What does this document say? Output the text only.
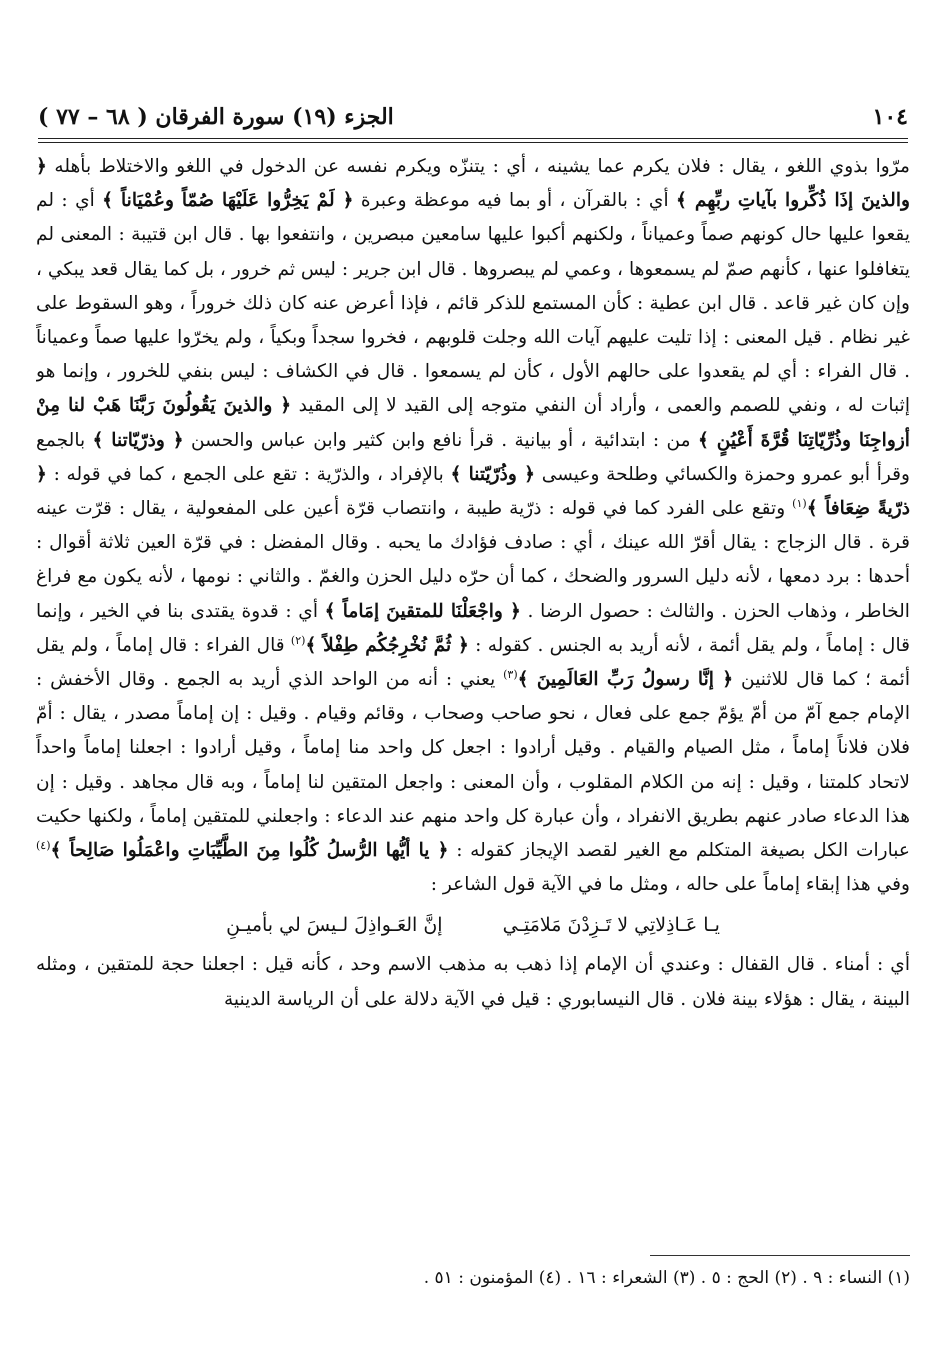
١٠٤
الجزء (١٩) سورة الفرقان ( ٦٨ – ٧٧ )

مرّوا بذوي اللغو ، يقال : فلان يكرم عما يشينه ، أي : يتنزّه ويكرم نفسه عن الدخول في اللغو والاختلاط بأهله ﴿ والذينَ إذَا ذُكِّروا بآياتِ ربِّهِم ﴾ أي : بالقرآن ، أو بما فيه موعظة وعبرة ﴿ لَمْ يَخِرُّوا عَلَيْهَا صُمّاً وعُمْيَاناً ﴾ أي : لم يقعوا عليها حال كونهم صماً وعمياناً ، ولكنهم أكبوا عليها سامعين مبصرين ، وانتفعوا بها . قال ابن قتيبة : المعنى لم يتغافلوا عنها ، كأنهم صمّ لم يسمعوها ، وعمي لم يبصروها . قال ابن جرير : ليس ثم خرور ، بل كما يقال قعد يبكي ، وإن كان غير قاعد . قال ابن عطية : كأن المستمع للذكر قائم ، فإذا أعرض عنه كان ذلك خروراً ، وهو السقوط على غير نظام . قيل المعنى : إذا تليت عليهم آيات الله وجلت قلوبهم ، فخروا سجداً وبكياً ، ولم يخرّوا عليها صماً وعمياناً . قال الفراء : أي لم يقعدوا على حالهم الأول ، كأن لم يسمعوا . قال في الكشاف : ليس بنفي للخرور ، وإنما هو إثبات له ، ونفي للصمم والعمى ، وأراد أن النفي متوجه إلى القيد لا إلى المقيد ﴿ والذينَ يَقُولُونَ رَبَّنَا هَبْ لنا مِنْ أزواجِنَا وذُرِّيّاتِنَا قُرَّةَ أَعْيُنٍ ﴾ من : ابتدائية ، أو بيانية . قرأ نافع وابن كثير وابن عباس والحسن ﴿ وذرّيّاتنا ﴾ بالجمع وقرأ أبو عمرو وحمزة والكسائي وطلحة وعيسى ﴿ وذُرّيّتنا ﴾ بالإفراد ، والذرّية : تقع على الجمع ، كما في قوله : ﴿ ذرّيةً ضِعَافاً ﴾$^{(١)}$ وتقع على الفرد كما في قوله : ذرّية طيبة ، وانتصاب قرّة أعين على المفعولية ، يقال : قرّت عينه قرة . قال الزجاج : يقال أقرّ الله عينك ، أي : صادف فؤادك ما يحبه . وقال المفضل : في قرّة العين ثلاثة أقوال : أحدها : برد دمعها ، لأنه دليل السرور والضحك ، كما أن حرّه دليل الحزن والغمّ . والثاني : نومها ، لأنه يكون مع فراغ الخاطر ، وذهاب الحزن . والثالث : حصول الرضا . ﴿ واجْعَلْنَا للمتقينَ إمَاماً ﴾ أي : قدوة يقتدى بنا في الخير ، وإنما قال : إماماً ، ولم يقل أئمة ، لأنه أريد به الجنس . كقوله : ﴿ ثُمَّ نُخْرِجُكُم طِفْلاً ﴾$^{(٢)}$ قال الفراء : قال إماماً ، ولم يقل أئمة ؛ كما قال للاثنين ﴿ إنَّا رسولُ رَبِّ العَالَمِينَ ﴾$^{(٣)}$ يعني : أنه من الواحد الذي أريد به الجمع . وقال الأخفش : الإمام جمع آمّ من أمّ يؤمّ جمع على فعال ، نحو صاحب وصحاب ، وقائم وقيام . وقيل : إن إماماً مصدر ، يقال : أمّ فلان فلاناً إماماً ، مثل الصيام والقيام . وقيل أرادوا : اجعل كل واحد منا إماماً ، وقيل أرادوا : اجعلنا إماماً واحداً لاتحاد كلمتنا ، وقيل : إنه من الكلام المقلوب ، وأن المعنى : واجعل المتقين لنا إماماً ، وبه قال مجاهد . وقيل : إن هذا الدعاء صادر عنهم بطريق الانفراد ، وأن عبارة كل واحد منهم عند الدعاء : واجعلني للمتقين إماماً ، ولكنها حكيت عبارات الكل بصيغة المتكلم مع الغير لقصد الإيجاز كقوله : ﴿ يا أيُّها الرُّسلُ كُلُوا مِنَ الطَّيِّبَاتِ واعْمَلُوا صَالِحاً ﴾$^{(٤)}$ وفي هذا إبقاء إماماً على حاله ، ومثل ما في الآية قول الشاعر :

يـا عَـاذِلاتِي لا تَـزِدْنَ مَلامَتِـي
إنَّ العَـواذِلَ لـيسَ لي بأميـنِ

أي : أمناء . قال القفال : وعندي أن الإمام إذا ذهب به مذهب الاسم وحد ، كأنه قيل : اجعلنا حجة للمتقين ، ومثله البينة ، يقال : هؤلاء بينة فلان . قال النيسابوري : قيل في الآية دلالة على أن الرياسة الدينية

(١) النساء : ٩ . (٢) الحج : ٥ . (٣) الشعراء : ١٦ . (٤) المؤمنون : ٥١ .
